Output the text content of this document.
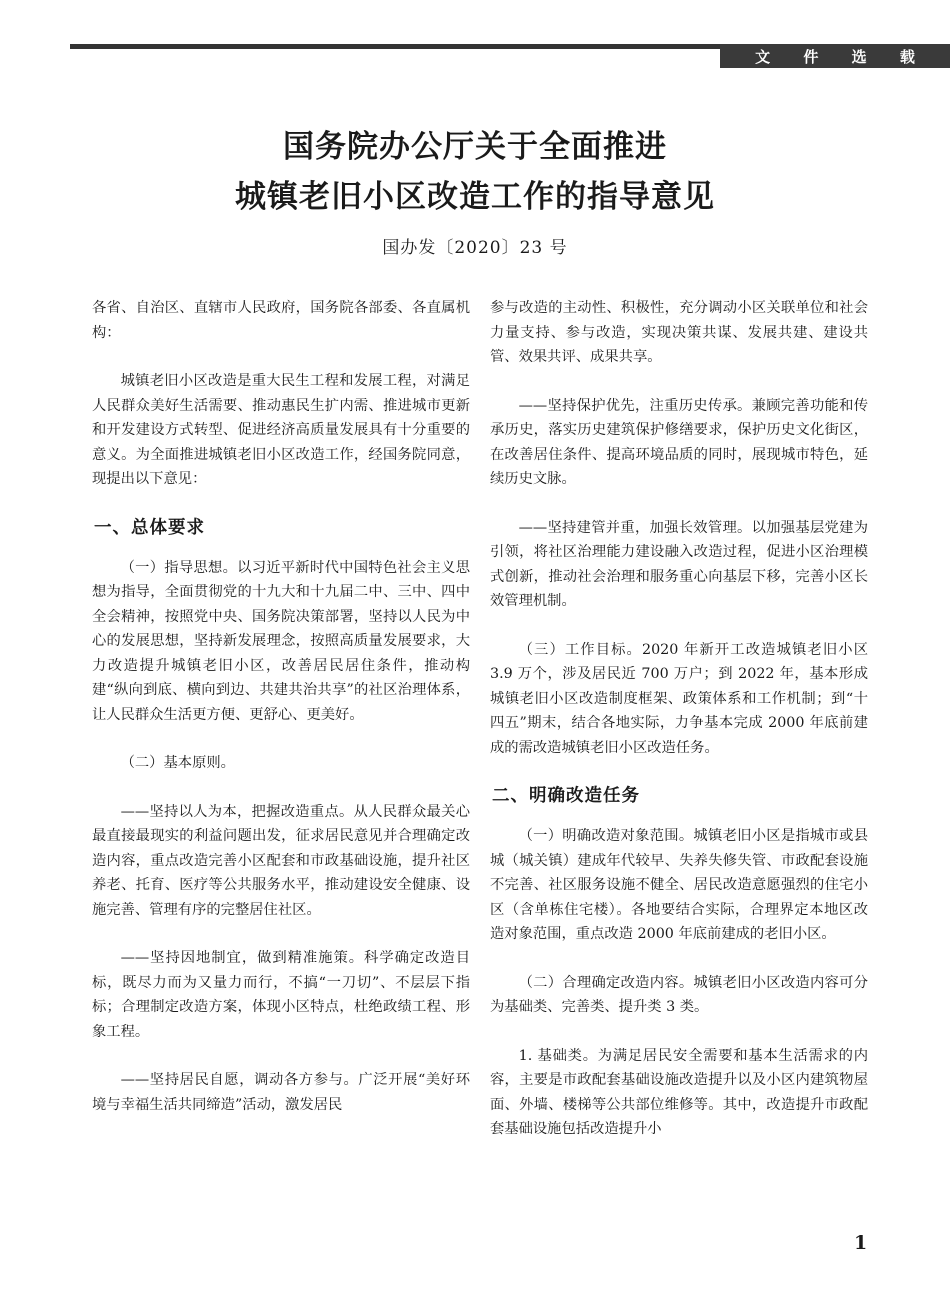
文 件 选 载
国务院办公厅关于全面推进
城镇老旧小区改造工作的指导意见
国办发〔2020〕23 号

各省、自治区、直辖市人民政府，国务院各部委、各直属机构：

城镇老旧小区改造是重大民生工程和发展工程，对满足人民群众美好生活需要、推动惠民生扩内需、推进城市更新和开发建设方式转型、促进经济高质量发展具有十分重要的意义。为全面推进城镇老旧小区改造工作，经国务院同意，现提出以下意见：

一、总体要求

（一）指导思想。以习近平新时代中国特色社会主义思想为指导，全面贯彻党的十九大和十九届二中、三中、四中全会精神，按照党中央、国务院决策部署，坚持以人民为中心的发展思想，坚持新发展理念，按照高质量发展要求，大力改造提升城镇老旧小区，改善居民居住条件，推动构建“纵向到底、横向到边、共建共治共享”的社区治理体系，让人民群众生活更方便、更舒心、更美好。

（二）基本原则。

——坚持以人为本，把握改造重点。从人民群众最关心最直接最现实的利益问题出发，征求居民意见并合理确定改造内容，重点改造完善小区配套和市政基础设施，提升社区养老、托育、医疗等公共服务水平，推动建设安全健康、设施完善、管理有序的完整居住社区。

——坚持因地制宜，做到精准施策。科学确定改造目标，既尽力而为又量力而行，不搞“一刀切”、不层层下指标；合理制定改造方案，体现小区特点，杜绝政绩工程、形象工程。

——坚持居民自愿，调动各方参与。广泛开展“美好环境与幸福生活共同缔造”活动，激发居民

参与改造的主动性、积极性，充分调动小区关联单位和社会力量支持、参与改造，实现决策共谋、发展共建、建设共管、效果共评、成果共享。

——坚持保护优先，注重历史传承。兼顾完善功能和传承历史，落实历史建筑保护修缮要求，保护历史文化街区，在改善居住条件、提高环境品质的同时，展现城市特色，延续历史文脉。

——坚持建管并重，加强长效管理。以加强基层党建为引领，将社区治理能力建设融入改造过程，促进小区治理模式创新，推动社会治理和服务重心向基层下移，完善小区长效管理机制。

（三）工作目标。2020 年新开工改造城镇老旧小区 3.9 万个，涉及居民近 700 万户；到 2022 年，基本形成城镇老旧小区改造制度框架、政策体系和工作机制；到“十四五”期末，结合各地实际，力争基本完成 2000 年底前建成的需改造城镇老旧小区改造任务。

二、明确改造任务

（一）明确改造对象范围。城镇老旧小区是指城市或县城（城关镇）建成年代较早、失养失修失管、市政配套设施不完善、社区服务设施不健全、居民改造意愿强烈的住宅小区（含单栋住宅楼）。各地要结合实际，合理界定本地区改造对象范围，重点改造 2000 年底前建成的老旧小区。

（二）合理确定改造内容。城镇老旧小区改造内容可分为基础类、完善类、提升类 3 类。

1. 基础类。为满足居民安全需要和基本生活需求的内容，主要是市政配套基础设施改造提升以及小区内建筑物屋面、外墙、楼梯等公共部位维修等。其中，改造提升市政配套基础设施包括改造提升小

1
